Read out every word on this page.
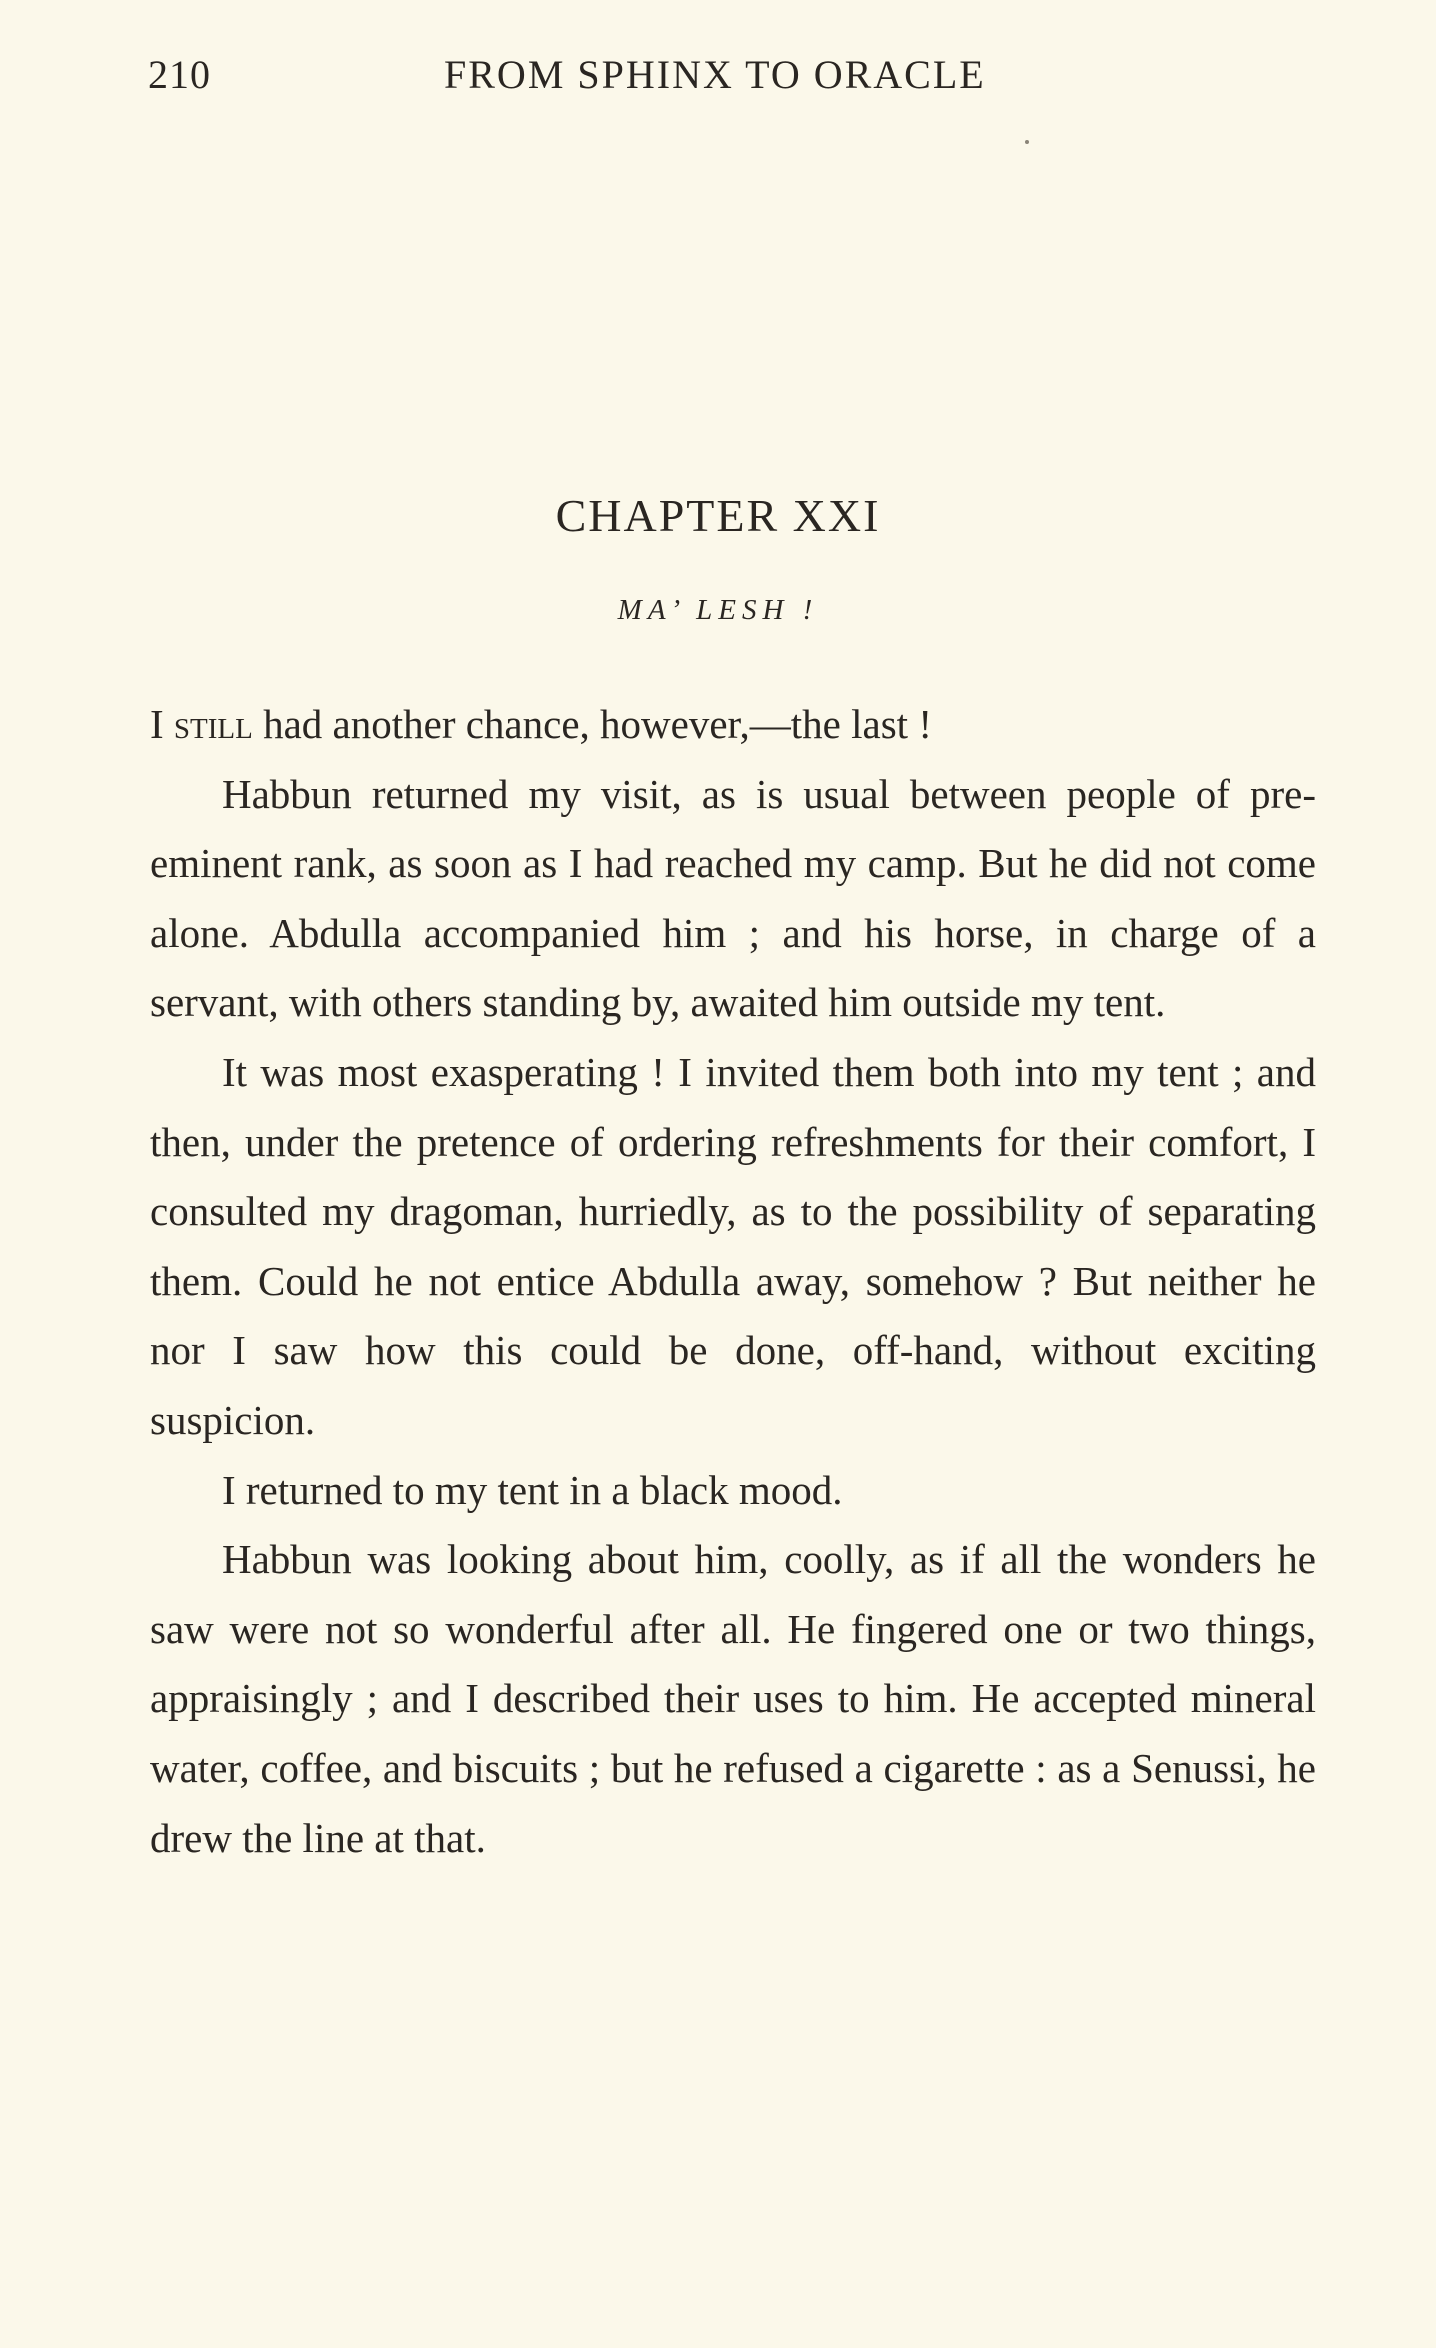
210	FROM SPHINX TO ORACLE
CHAPTER XXI
MA’ LESH !

I still had another chance, however,—the last !

Habbun returned my visit, as is usual between people of pre-eminent rank, as soon as I had reached my camp. But he did not come alone. Abdulla accompanied him ; and his horse, in charge of a servant, with others standing by, awaited him outside my tent.

It was most exasperating ! I invited them both into my tent ; and then, under the pretence of ordering refreshments for their comfort, I consulted my dragoman, hurriedly, as to the possibility of separating them. Could he not entice Abdulla away, somehow ? But neither he nor I saw how this could be done, off-hand, without exciting suspicion.

I returned to my tent in a black mood.

Habbun was looking about him, coolly, as if all the wonders he saw were not so wonderful after all. He fingered one or two things, appraisingly ; and I described their uses to him. He accepted mineral water, coffee, and biscuits ; but he refused a cigarette : as a Senussi, he drew the line at that.
